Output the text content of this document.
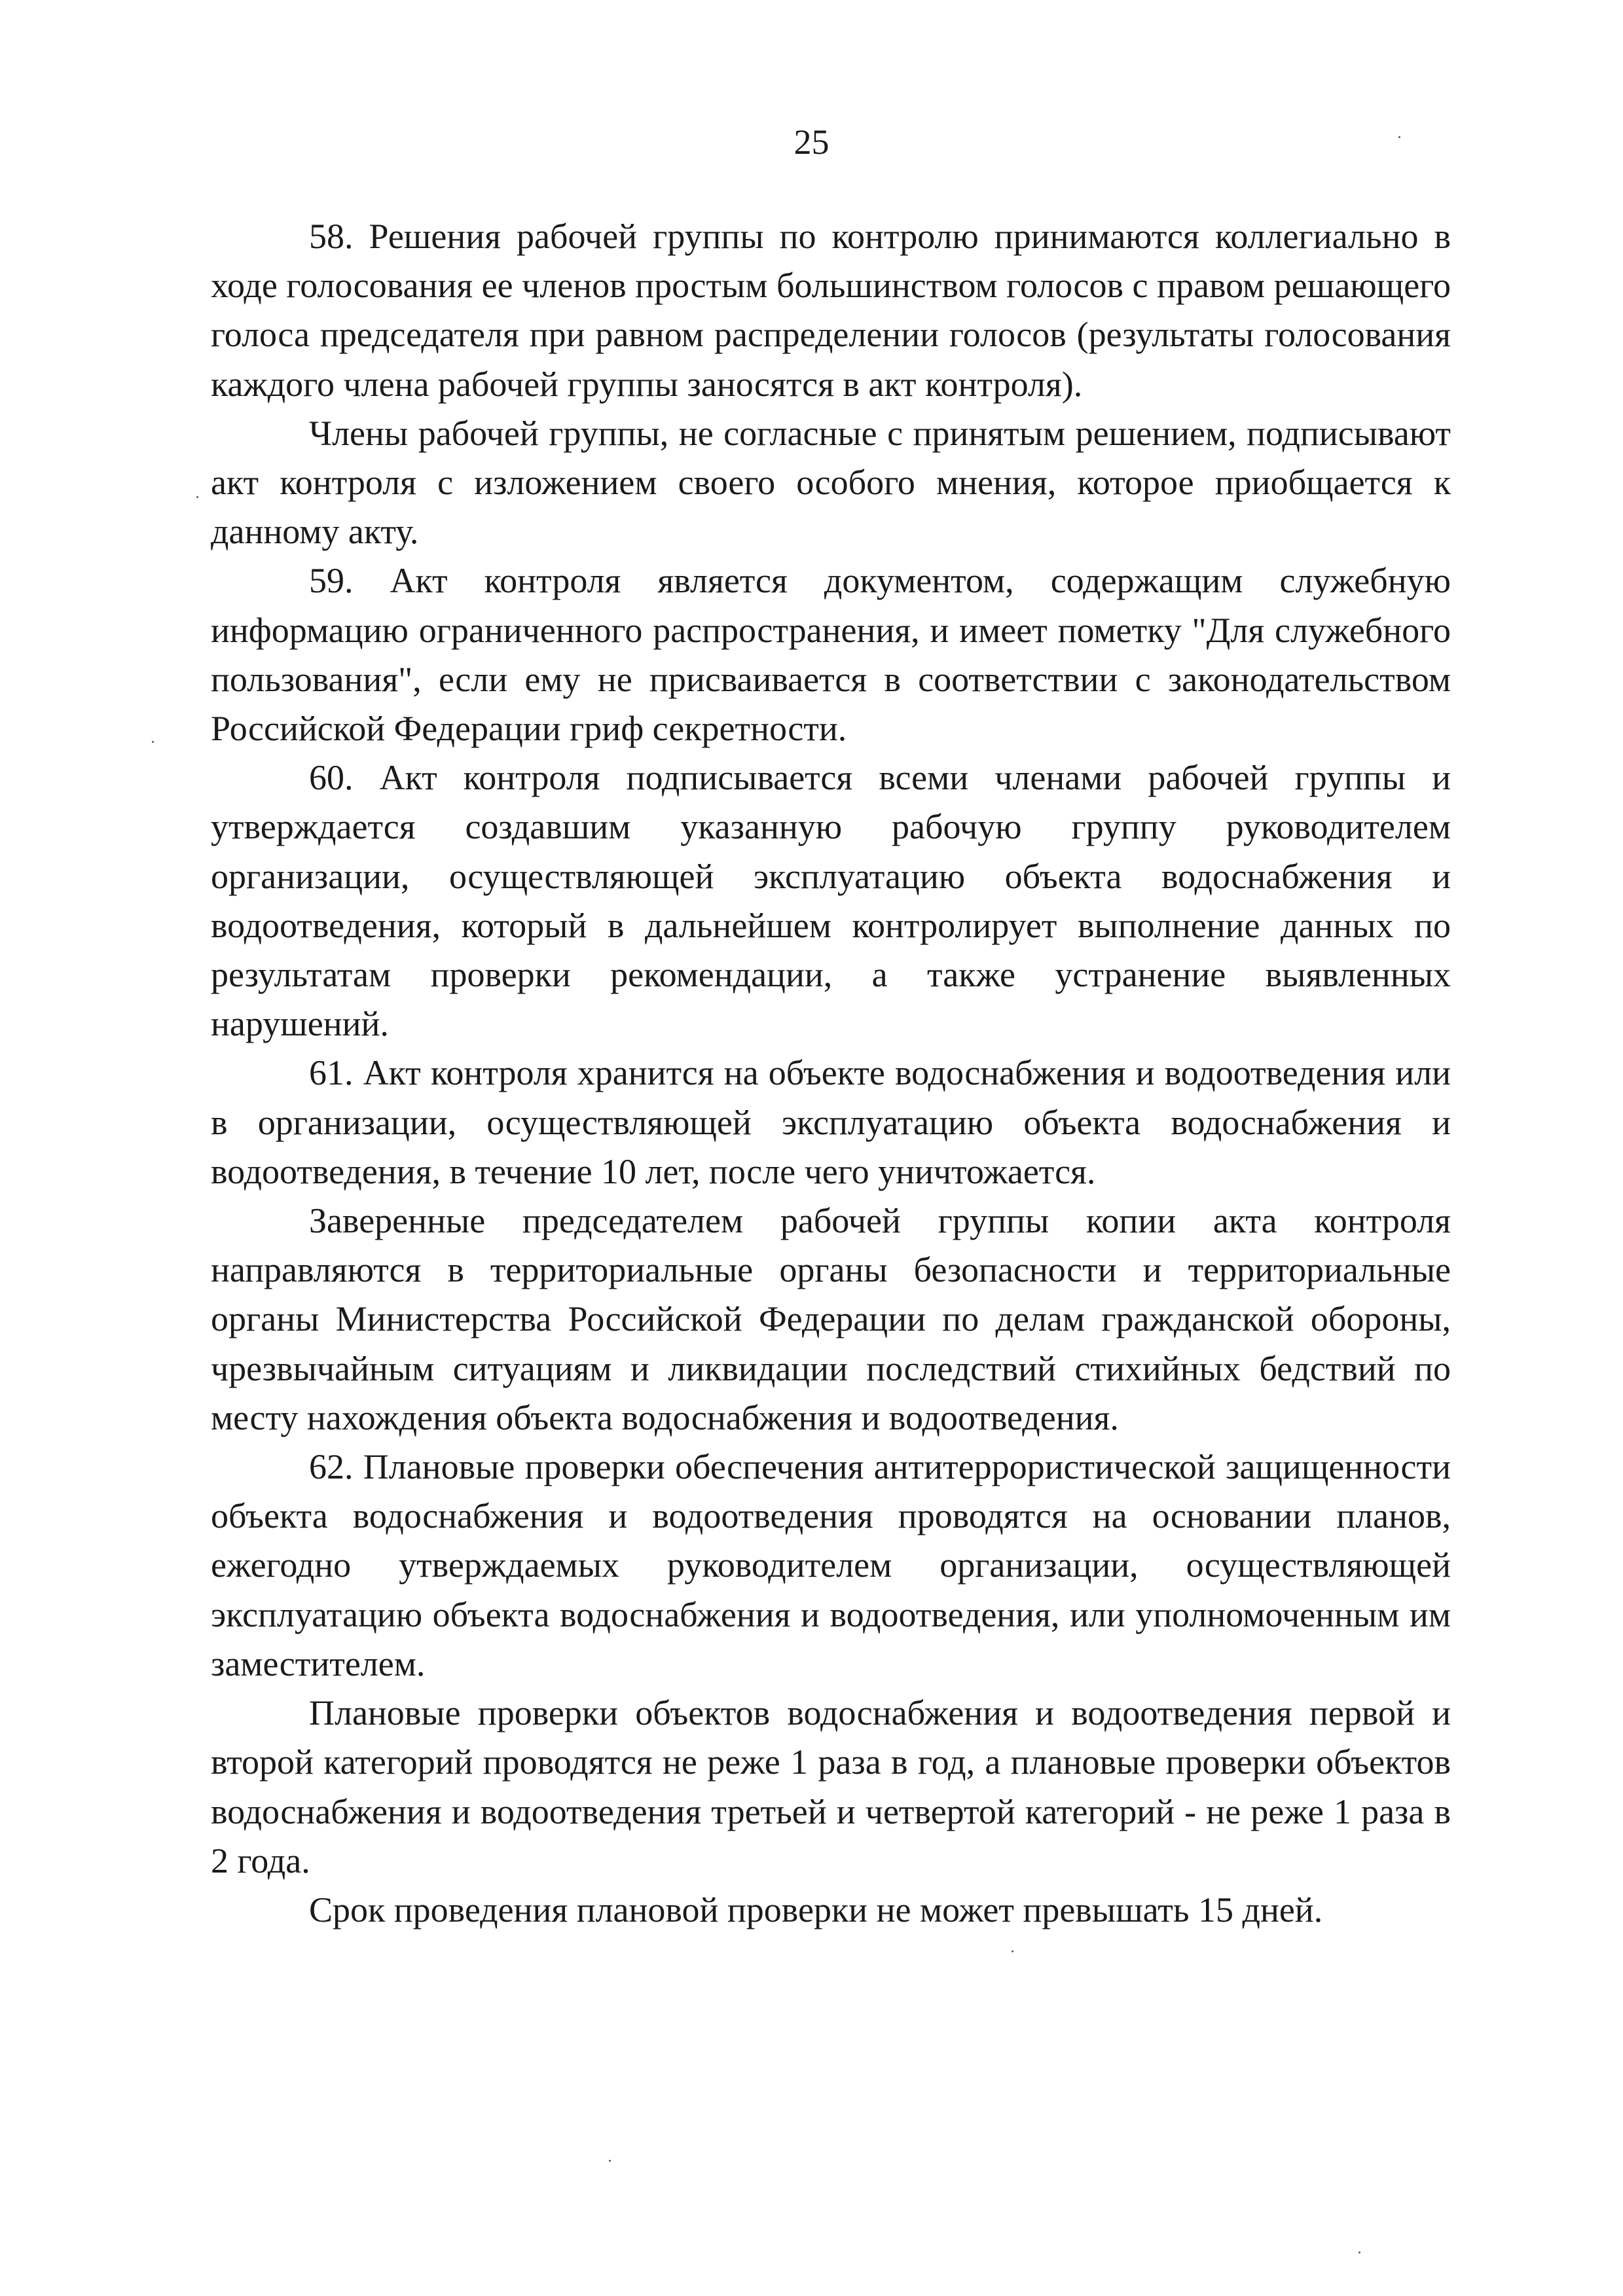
25

58. Решения рабочей группы по контролю принимаются коллегиально в ходе голосования ее членов простым большинством голосов с правом решающего голоса председателя при равном распределении голосов (результаты голосования каждого члена рабочей группы заносятся в акт контроля).

Члены рабочей группы, не согласные с принятым решением, подписывают акт контроля с изложением своего особого мнения, которое приобщается к данному акту.

59. Акт контроля является документом, содержащим служебную информацию ограниченного распространения, и имеет пометку "Для служебного пользования", если ему не присваивается в соответствии с законодательством Российской Федерации гриф секретности.

60. Акт контроля подписывается всеми членами рабочей группы и утверждается создавшим указанную рабочую группу руководителем организации, осуществляющей эксплуатацию объекта водоснабжения и водоотведения, который в дальнейшем контролирует выполнение данных по результатам проверки рекомендации, а также устранение выявленных нарушений.

61. Акт контроля хранится на объекте водоснабжения и водоотведения или в организации, осуществляющей эксплуатацию объекта водоснабжения и водоотведения, в течение 10 лет, после чего уничтожается.

Заверенные председателем рабочей группы копии акта контроля направляются в территориальные органы безопасности и территориальные органы Министерства Российской Федерации по делам гражданской обороны, чрезвычайным ситуациям и ликвидации последствий стихийных бедствий по месту нахождения объекта водоснабжения и водоотведения.

62. Плановые проверки обеспечения антитеррористической защищенности объекта водоснабжения и водоотведения проводятся на основании планов, ежегодно утверждаемых руководителем организации, осуществляющей эксплуатацию объекта водоснабжения и водоотведения, или уполномоченным им заместителем.

Плановые проверки объектов водоснабжения и водоотведения первой и второй категорий проводятся не реже 1 раза в год, а плановые проверки объектов водоснабжения и водоотведения третьей и четвертой категорий - не реже 1 раза в 2 года.

Срок проведения плановой проверки не может превышать 15 дней.
